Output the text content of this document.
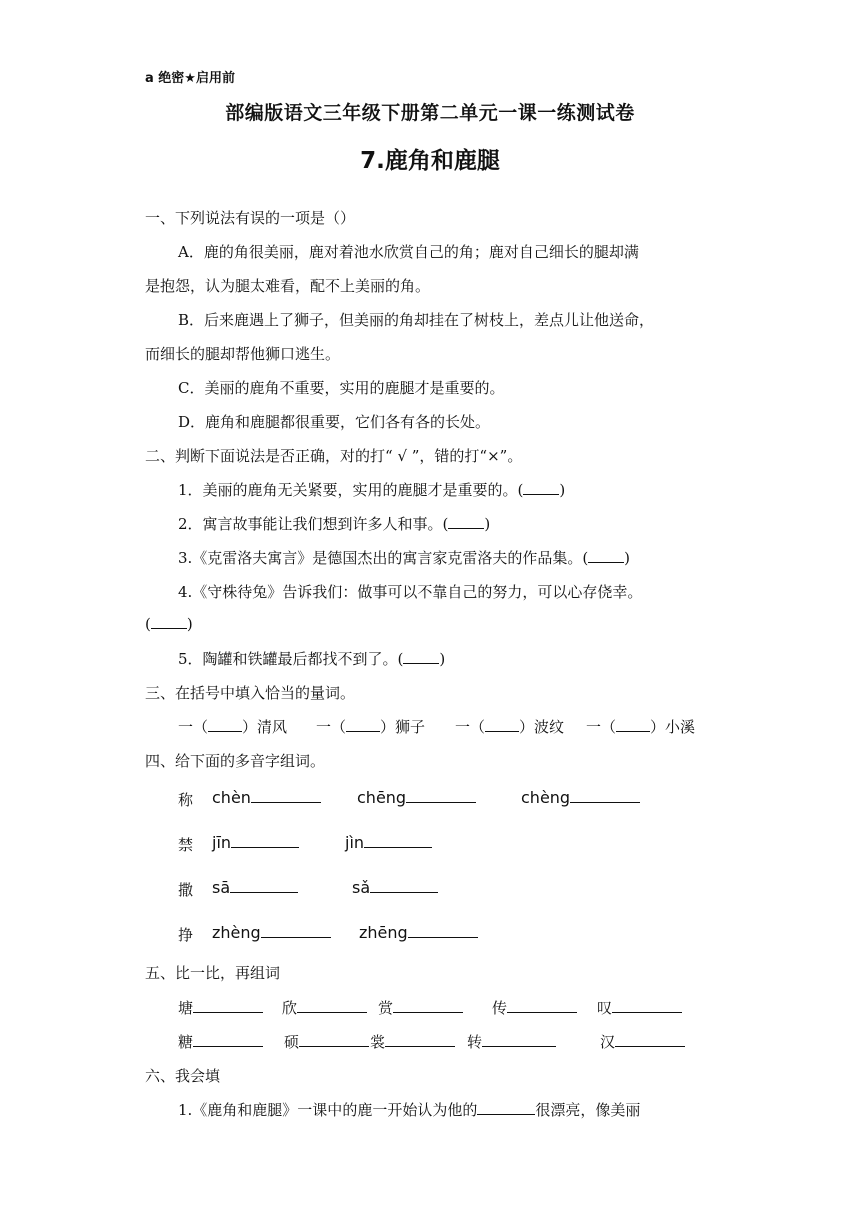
a 绝密★启用前
部编版语文三年级下册第二单元一课一练测试卷
7.鹿角和鹿腿
一、下列说法有误的一项是（）
A．鹿的角很美丽，鹿对着池水欣赏自己的角；鹿对自己细长的腿却满
是抱怨，认为腿太难看，配不上美丽的角。
B．后来鹿遇上了狮子，但美丽的角却挂在了树枝上，差点儿让他送命，
而细长的腿却帮他狮口逃生。
C．美丽的鹿角不重要，实用的鹿腿才是重要的。
D．鹿角和鹿腿都很重要，它们各有各的长处。
二、判断下面说法是否正确，对的打“ √ ”，错的打“×”。
1．美丽的鹿角无关紧要，实用的鹿腿才是重要的。( )
2．寓言故事能让我们想到许多人和事。( )
3.《克雷洛夫寓言》是德国杰出的寓言家克雷洛夫的作品集。( )
4.《守株待兔》告诉我们：做事可以不靠自己的努力，可以心存侥幸。
( )
5．陶罐和铁罐最后都找不到了。( )
三、在括号中填入恰当的量词。
一（ ）清风 一（ ）狮子 一（ ）波纹 一（ ）小溪
四、给下面的多音字组词。
称 chèn	chēng	chèng
禁 jīn	jìn
撒 sā	sǎ
挣 zhèng	zhēng
五、比一比，再组词
塘	欣	赏	传	叹
糖	硕	裳	转	汉
六、我会填
1.《鹿角和鹿腿》一课中的鹿一开始认为他的	很漂亮，像美丽
